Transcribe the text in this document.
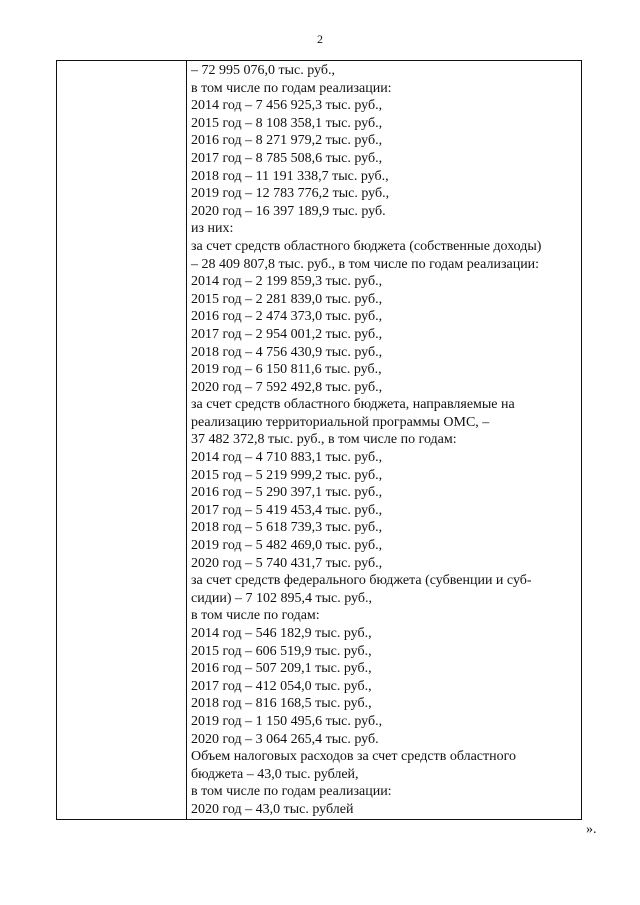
2
– 72 995 076,0 тыс. руб.,
в том числе по годам реализации:
2014 год – 7 456 925,3 тыс. руб.,
2015 год – 8 108 358,1 тыс. руб.,
2016 год – 8 271 979,2 тыс. руб.,
2017 год – 8 785 508,6 тыс. руб.,
2018 год – 11 191 338,7 тыс. руб.,
2019 год – 12 783 776,2 тыс. руб.,
2020 год – 16 397 189,9 тыс. руб.
из них:
за счет средств областного бюджета (собственные доходы)
– 28 409 807,8 тыс. руб., в том числе по годам реализации:
2014 год – 2 199 859,3 тыс. руб.,
2015 год – 2 281 839,0 тыс. руб.,
2016 год – 2 474 373,0 тыс. руб.,
2017 год – 2 954 001,2 тыс. руб.,
2018 год – 4 756 430,9 тыс. руб.,
2019 год – 6 150 811,6 тыс. руб.,
2020 год – 7 592 492,8 тыс. руб.,
за счет средств областного бюджета, направляемые на
реализацию территориальной программы ОМС, –
37 482 372,8 тыс. руб., в том числе по годам:
2014 год – 4 710 883,1 тыс. руб.,
2015 год – 5 219 999,2 тыс. руб.,
2016 год – 5 290 397,1 тыс. руб.,
2017 год – 5 419 453,4 тыс. руб.,
2018 год – 5 618 739,3 тыс. руб.,
2019 год – 5 482 469,0 тыс. руб.,
2020 год – 5 740 431,7 тыс. руб.,
за счет средств федерального бюджета (субвенции и суб-
сидии) – 7 102 895,4 тыс. руб.,
в том числе по годам:
2014 год – 546 182,9 тыс. руб.,
2015 год – 606 519,9 тыс. руб.,
2016 год – 507 209,1 тыс. руб.,
2017 год – 412 054,0 тыс. руб.,
2018 год – 816 168,5 тыс. руб.,
2019 год – 1 150 495,6 тыс. руб.,
2020 год – 3 064 265,4 тыс. руб.
Объем налоговых расходов за счет средств областного
бюджета – 43,0 тыс. рублей,
в том числе по годам реализации:
2020 год – 43,0 тыс. рублей
».
